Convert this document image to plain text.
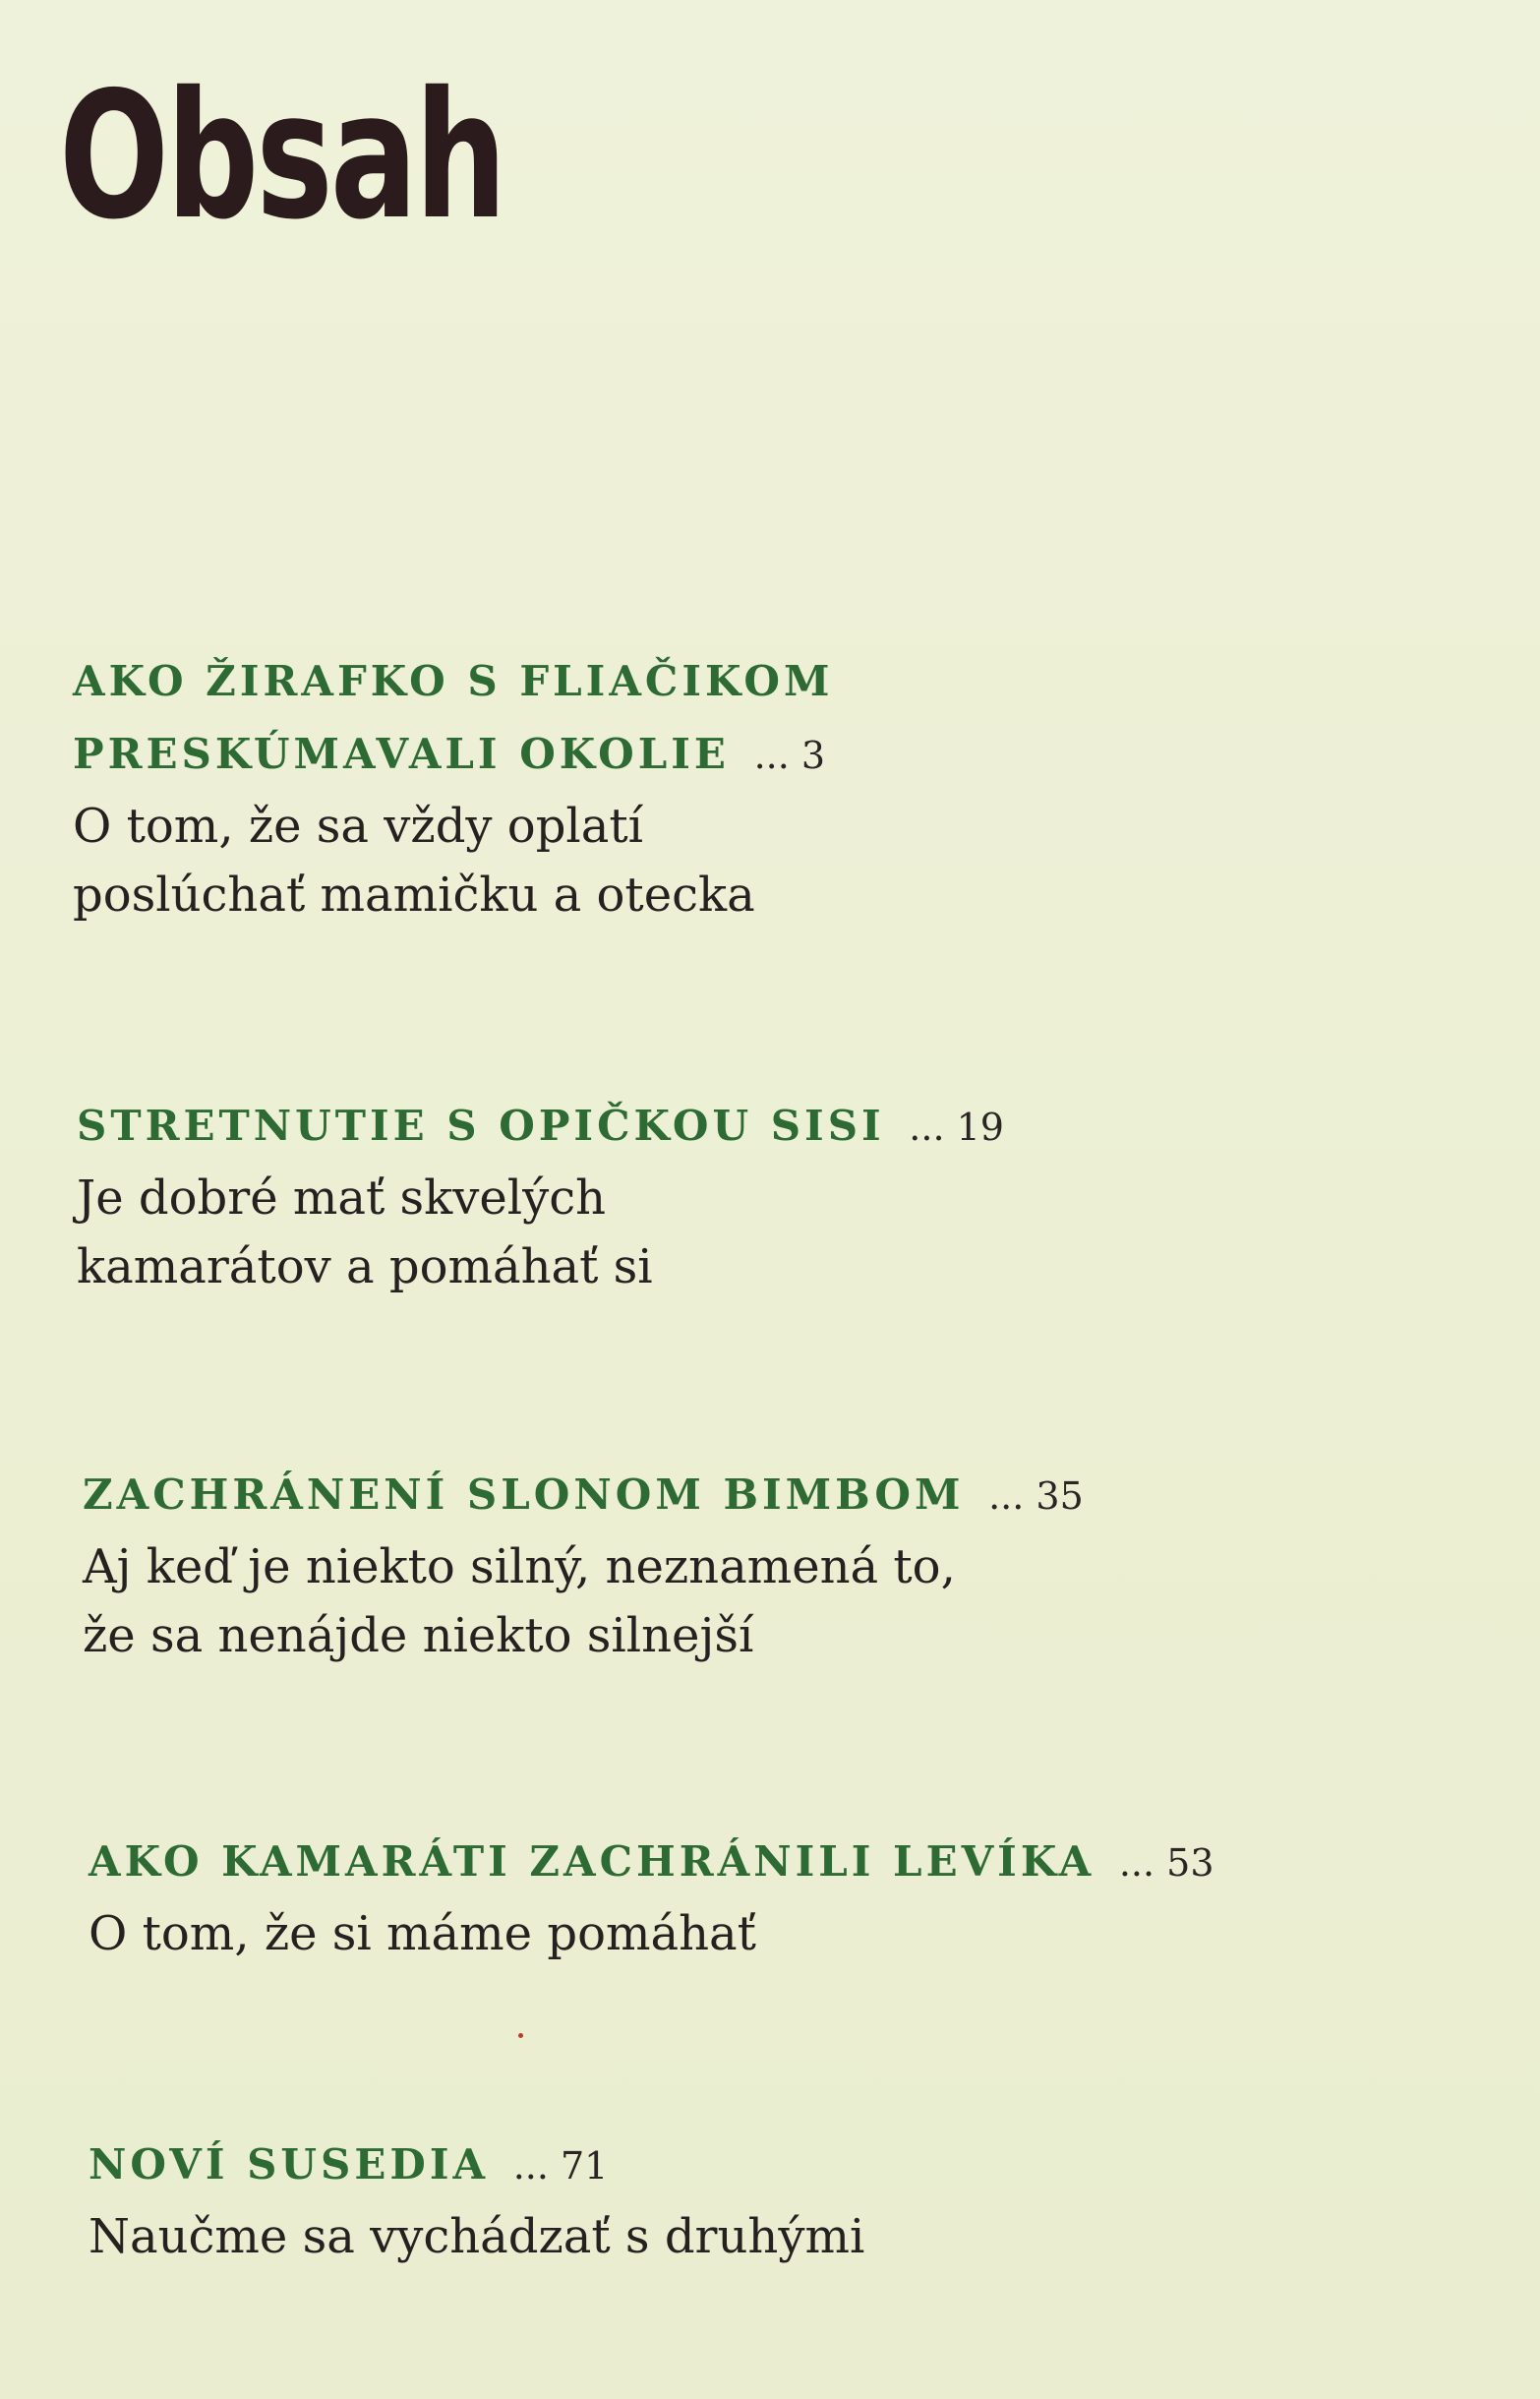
Obsah

AKO ŽIRAFKO S FLIAČIKOM
PRESKÚMAVALI OKOLIE ... 3

O tom, že sa vždy oplatí
poslúchať mamičku a otecka

STRETNUTIE S OPIČKOU SISI ... 19

Je dobré mať skvelých
kamarátov a pomáhať si

ZACHRÁNENÍ SLONOM BIMBOM ... 35

Aj keď je niekto silný, neznamená to,
že sa nenájde niekto silnejší

AKO KAMARÁTI ZACHRÁNILI LEVÍKA ... 53

O tom, že si máme pomáhať

NOVÍ SUSEDIA ... 71

Naučme sa vychádzať s druhými
